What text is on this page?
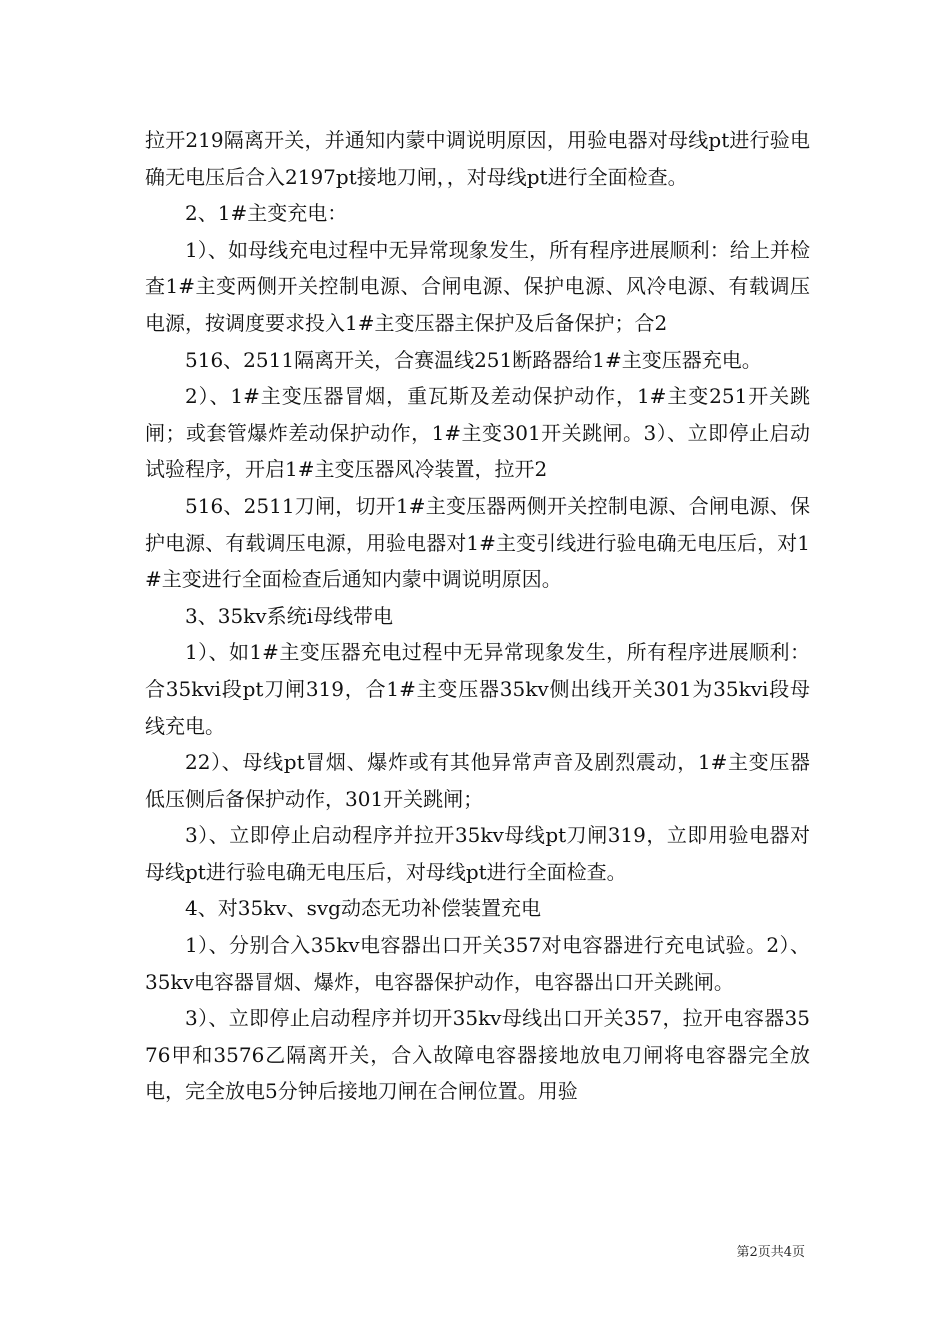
拉开219隔离开关，并通知内蒙中调说明原因，用验电器对母线pt进行验电确无电压后合入2197pt接地刀闸，，对母线pt进行全面检查。

2、1#主变充电：

1）、如母线充电过程中无异常现象发生，所有程序进展顺利：给上并检查1#主变两侧开关控制电源、合闸电源、保护电源、风冷电源、有载调压电源，按调度要求投入1#主变压器主保护及后备保护；合2

516、2511隔离开关，合赛温线251断路器给1#主变压器充电。

2）、1#主变压器冒烟，重瓦斯及差动保护动作，1#主变251开关跳闸；或套管爆炸差动保护动作，1#主变301开关跳闸。3）、立即停止启动试验程序，开启1#主变压器风冷装置，拉开2

516、2511刀闸，切开1#主变压器两侧开关控制电源、合闸电源、保护电源、有载调压电源，用验电器对1#主变引线进行验电确无电压后，对1#主变进行全面检查后通知内蒙中调说明原因。

3、35kv系统i母线带电

1）、如1#主变压器充电过程中无异常现象发生，所有程序进展顺利：合35kvi段pt刀闸319，合1#主变压器35kv侧出线开关301为35kvi段母线充电。

22）、母线pt冒烟、爆炸或有其他异常声音及剧烈震动，1#主变压器低压侧后备保护动作，301开关跳闸；

3）、立即停止启动程序并拉开35kv母线pt刀闸319，立即用验电器对母线pt进行验电确无电压后，对母线pt进行全面检查。

4、对35kv、svg动态无功补偿装置充电

1）、分别合入35kv电容器出口开关357对电容器进行充电试验。2）、35kv电容器冒烟、爆炸，电容器保护动作，电容器出口开关跳闸。

3）、立即停止启动程序并切开35kv母线出口开关357，拉开电容器3576甲和3576乙隔离开关，合入故障电容器接地放电刀闸将电容器完全放电，完全放电5分钟后接地刀闸在合闸位置。用验

第2页共4页
